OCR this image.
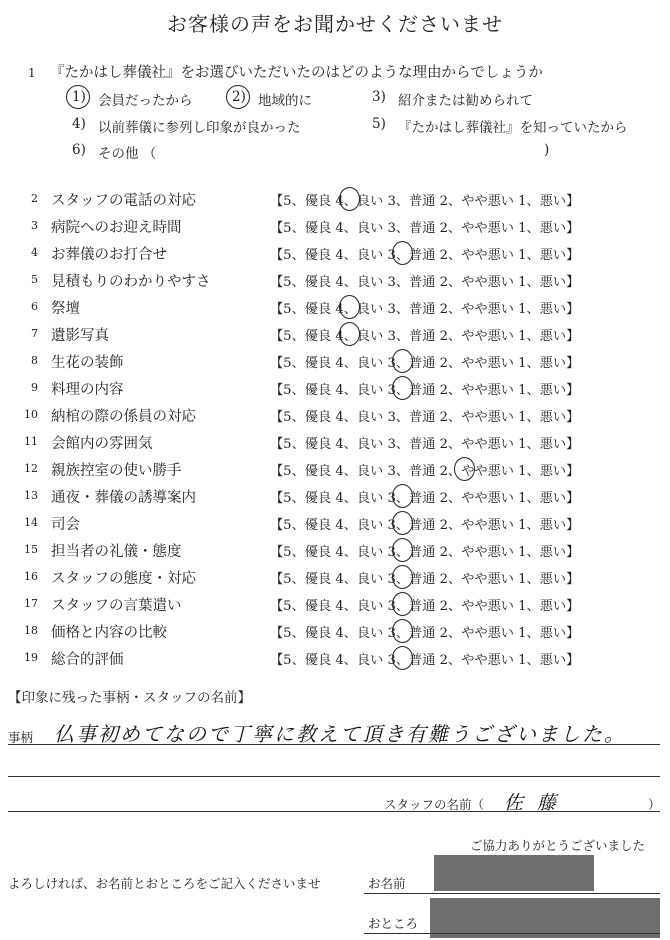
お客様の声をお聞かせくださいませ
1 『たかはし葬儀社』をお選びいただいたのはどのような理由からでしょうか
1) 会員だったから	2) 地域的に	3) 紹介または勧められて
4) 以前葬儀に参列し印象が良かった	5) 『たかはし葬儀社』を知っていたから
6) その他 （	)
2 スタッフの電話の対応	【5、優良 4、良い 3、普通 2、やや悪い 1、悪い】
3 病院へのお迎え時間	【5、優良 4、良い 3、普通 2、やや悪い 1、悪い】
4 お葬儀のお打合せ	【5、優良 4、良い 3、普通 2、やや悪い 1、悪い】
5 見積もりのわかりやすさ	【5、優良 4、良い 3、普通 2、やや悪い 1、悪い】
6 祭壇	【5、優良 4、良い 3、普通 2、やや悪い 1、悪い】
7 遺影写真	【5、優良 4、良い 3、普通 2、やや悪い 1、悪い】
8 生花の装飾	【5、優良 4、良い 3、普通 2、やや悪い 1、悪い】
9 料理の内容	【5、優良 4、良い 3、普通 2、やや悪い 1、悪い】
10 納棺の際の係員の対応	【5、優良 4、良い 3、普通 2、やや悪い 1、悪い】
11 会館内の雰囲気	【5、優良 4、良い 3、普通 2、やや悪い 1、悪い】
12 親族控室の使い勝手	【5、優良 4、良い 3、普通 2、やや悪い 1、悪い】
13 通夜・葬儀の誘導案内	【5、優良 4、良い 3、普通 2、やや悪い 1、悪い】
14 司会	【5、優良 4、良い 3、普通 2、やや悪い 1、悪い】
15 担当者の礼儀・態度	【5、優良 4、良い 3、普通 2、やや悪い 1、悪い】
16 スタッフの態度・対応	【5、優良 4、良い 3、普通 2、やや悪い 1、悪い】
17 スタッフの言葉遣い	【5、優良 4、良い 3、普通 2、やや悪い 1、悪い】
18 価格と内容の比較	【5、優良 4、良い 3、普通 2、やや悪い 1、悪い】
19 総合的評価	【5、優良 4、良い 3、普通 2、やや悪い 1、悪い】
【印象に残った事柄・スタッフの名前】
事柄 仏事初めてなので丁寧に教えて頂き有難うございました。
スタッフの名前（ 佐藤	）
ご協力ありがとうございました
よろしければ、お名前とおところをご記入くださいませ	お名前
おところ
